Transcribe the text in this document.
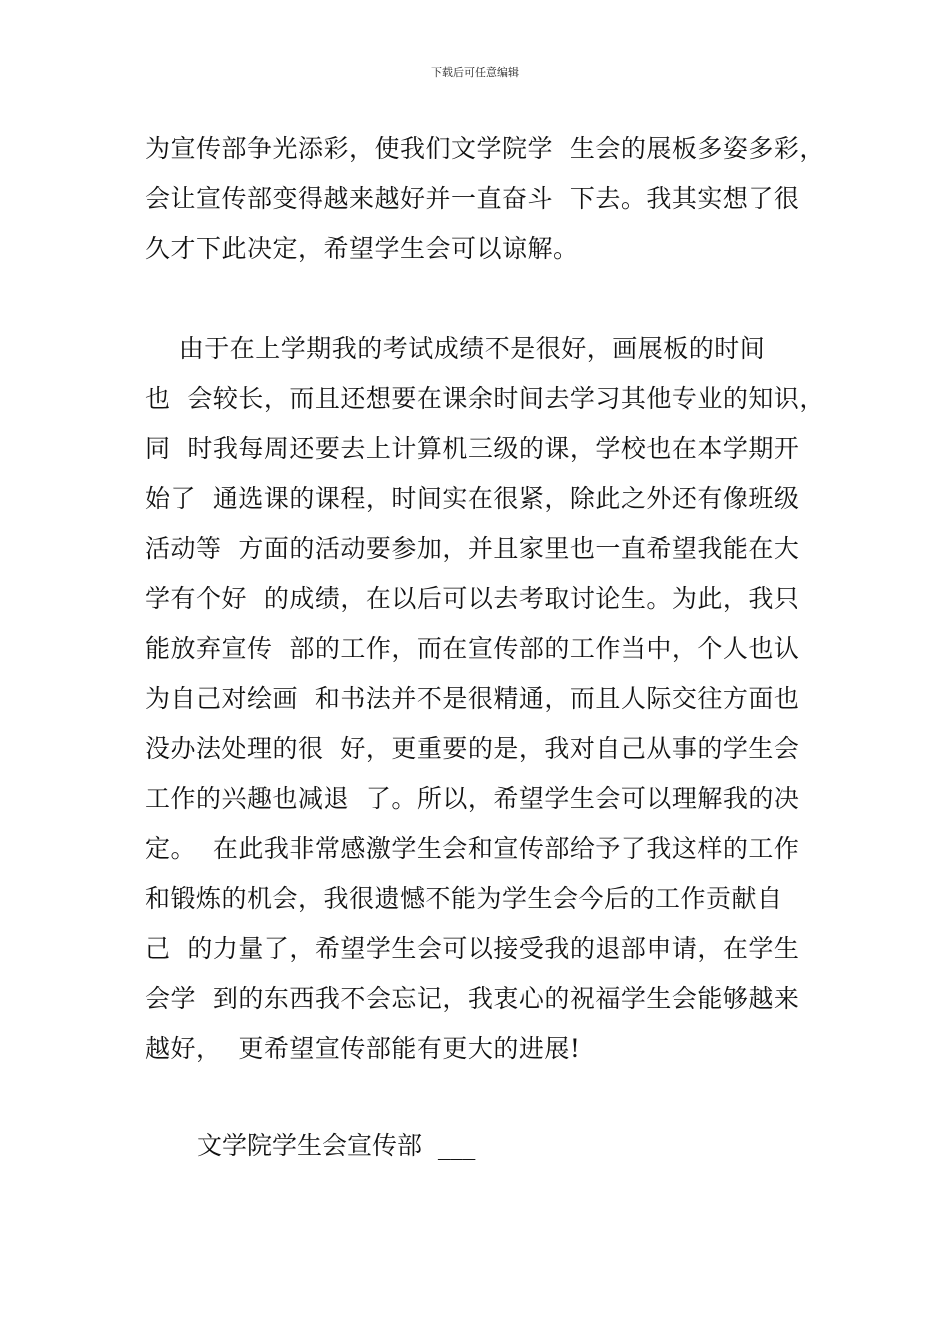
下载后可任意编辑
为宣传部争光添彩，使我们文学院学  生会的展板多姿多彩，
会让宣传部变得越来越好并一直奋斗  下去。我其实想了很
久才下此决定，希望学生会可以谅解。
由于在上学期我的考试成绩不是很好，画展板的时间
也  会较长，而且还想要在课余时间去学习其他专业的知识，
同  时我每周还要去上计算机三级的课，学校也在本学期开
始了  通选课的课程，时间实在很紧，除此之外还有像班级
活动等  方面的活动要参加，并且家里也一直希望我能在大
学有个好  的成绩，在以后可以去考取讨论生。为此，我只
能放弃宣传  部的工作，而在宣传部的工作当中，个人也认
为自己对绘画  和书法并不是很精通，而且人际交往方面也
没办法处理的很  好，更重要的是，我对自己从事的学生会
工作的兴趣也减退  了。所以，希望学生会可以理解我的决
定。  在此我非常感激学生会和宣传部给予了我这样的工作
和锻炼的机会，我很遗憾不能为学生会今后的工作贡献自
己  的力量了，希望学生会可以接受我的退部申请，在学生
会学  到的东西我不会忘记，我衷心的祝福学生会能够越来
越好，  更希望宣传部能有更大的进展!
文学院学生会宣传部  ___
